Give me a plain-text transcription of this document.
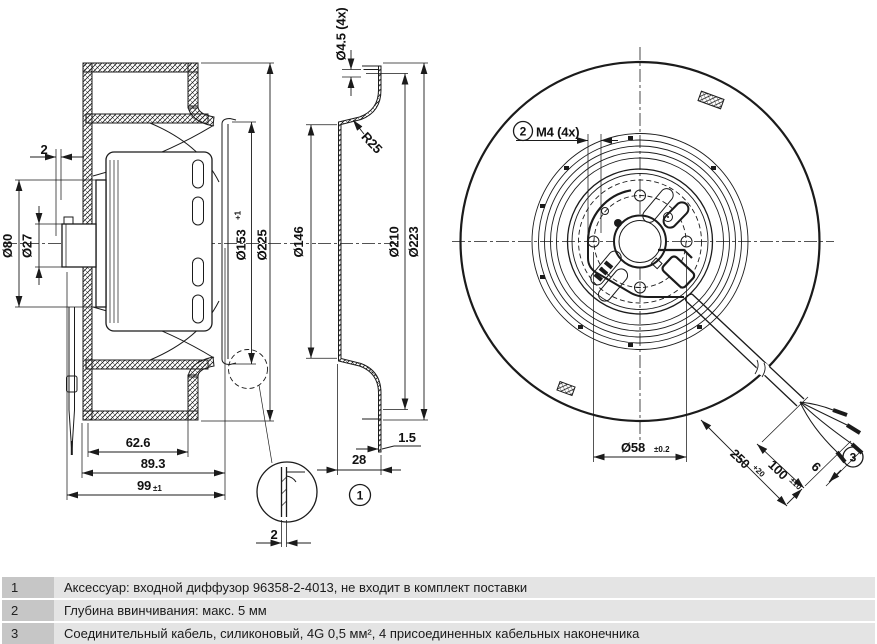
2
Ø80 Ø27	Ø153
+1
Ø225
62.6
89.3
99 ±1
2
Ø4.5 (4x)
R25
Ø146	Ø210 Ø223
1.5
28
1
2 M4 (4x)
Ø58 ±0.2	250
+20
100
±10
6
3
1	Аксессуар: входной диффузор 96358-2-4013, не входит в комплект поставки
2	Глубина ввинчивания: макс. 5 мм
3	Соединительный кабель, силиконовый, 4G 0,5 мм², 4 присоединенных кабельных наконечника
